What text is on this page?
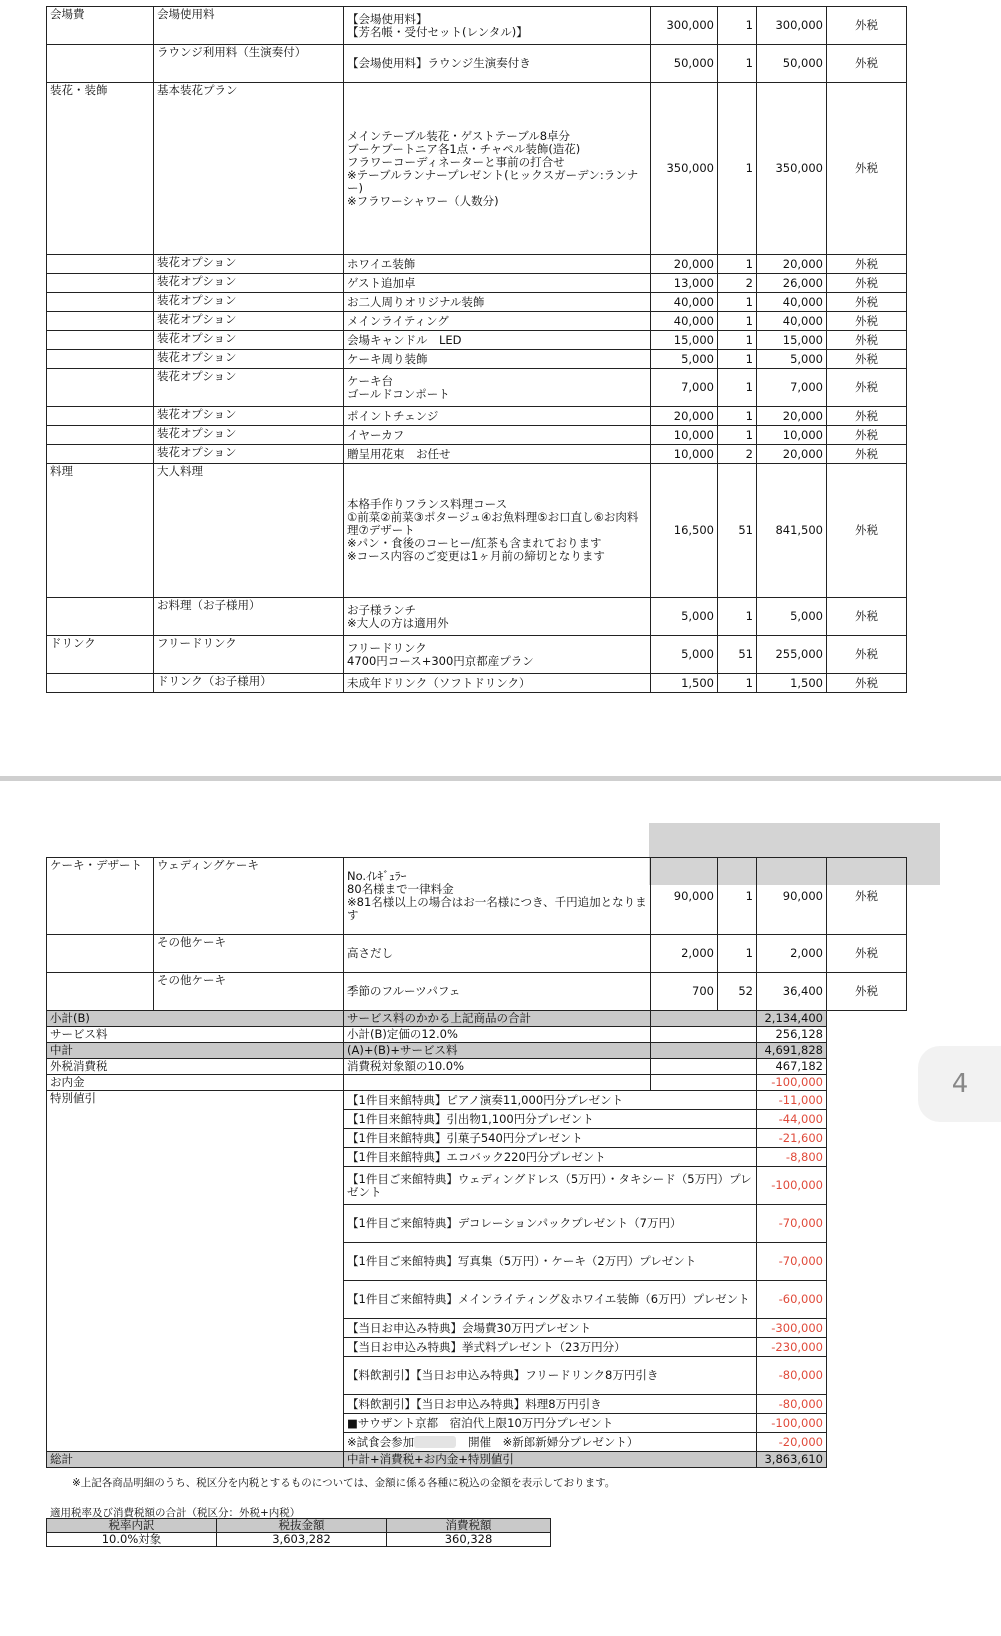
会場費	会場使用料	【会場使用料】
【芳名帳・受付セット(レンタル)】	300,000	1	300,000	外税
	ラウンジ利用料（生演奏付）	【会場使用料】ラウンジ生演奏付き	50,000	1	50,000	外税
装花・装飾	基本装花プラン	メインテーブル装花・ゲストテーブル8卓分
ブーケブートニア各1点・チャペル装飾(造花)
フラワーコーディネーターと事前の打合せ
※テーブルランナープレゼント(ヒックスガーデン:ランナー)
※フラワーシャワー（人数分)	350,000	1	350,000	外税
	装花オプション	ホワイエ装飾	20,000	1	20,000	外税
	装花オプション	ゲスト追加卓	13,000	2	26,000	外税
	装花オプション	お二人周りオリジナル装飾	40,000	1	40,000	外税
	装花オプション	メインライティング	40,000	1	40,000	外税
	装花オプション	会場キャンドル　LED	15,000	1	15,000	外税
	装花オプション	ケーキ周り装飾	5,000	1	5,000	外税
	装花オプション	ケーキ台
ゴールドコンポート	7,000	1	7,000	外税
	装花オプション	ポイントチェンジ	20,000	1	20,000	外税
	装花オプション	イヤーカフ	10,000	1	10,000	外税
	装花オプション	贈呈用花束　お任せ	10,000	2	20,000	外税
料理	大人料理	本格手作りフランス料理コース
①前菜②前菜③ポタージュ④お魚料理⑤お口直し⑥お肉料理⑦デザート
※パン・食後のコーヒー/紅茶も含まれております
※コース内容のご変更は1ヶ月前の締切となります	16,500	51	841,500	外税
	お料理（お子様用）	お子様ランチ
※大人の方は適用外	5,000	1	5,000	外税
ドリンク	フリードリンク	フリードリンク
4700円コース+300円京都産プラン	5,000	51	255,000	外税
	ドリンク（お子様用）	未成年ドリンク（ソフトドリンク）	1,500	1	1,500	外税
4
ケーキ・デザート	ウェディングケーキ	No.ｲﾚｷﾞｭﾗｰ
80名様まで一律料金
※81名様以上の場合はお一名様につき、千円追加となります	90,000	1	90,000	外税
	その他ケーキ	高さだし	2,000	1	2,000	外税
	その他ケーキ	季節のフルーツパフェ	700	52	36,400	外税
小計(B)		サービス料のかかる上記商品の合計			2,134,400	
サービス料		小計(B)定価の12.0%			256,128	
中計		(A)+(B)+サービス料			4,691,828	
外税消費税		消費税対象額の10.0%			467,182	
お内金					-100,000	
特別値引		【1件目来館特典】ピアノ演奏11,000円分プレゼント			-11,000	
		【1件目来館特典】引出物1,100円分プレゼント			-44,000	
		【1件目来館特典】引菓子540円分プレゼント			-21,600	
		【1件目来館特典】エコバック220円分プレゼント			-8,800	
		【1件目ご来館特典】ウェディングドレス（5万円）・タキシード（5万円）プレゼント			-100,000	
		【1件目ご来館特典】デコレーションパックプレゼント（7万円）			-70,000	
		【1件目ご来館特典】写真集（5万円）・ケーキ（2万円）プレゼント			-70,000	
		【1件目ご来館特典】メインライティング＆ホワイエ装飾（6万円）プレゼント			-60,000	
		【当日お申込み特典】会場費30万円プレゼント			-300,000	
		【当日お申込み特典】挙式料プレゼント（23万円分）			-230,000	
		【料飲割引】【当日お申込み特典】フリードリンク8万円引き			-80,000	
		【料飲割引】【当日お申込み特典】料理8万円引き			-80,000	
		■サウザント京都　宿泊代上限10万円分プレゼント			-100,000	
		※試食会参加 開催　※新郎新婦分プレゼント）			-20,000	
総計		中計+消費税+お内金+特別値引			3,863,610	
※上記各商品明細のうち、税区分を内税とするものについては、金額に係る各種に税込の金額を表示しております。
適用税率及び消費税額の合計（税区分：外税+内税）
税率内訳	税抜金額	消費税額
10.0%対象	3,603,282	360,328
